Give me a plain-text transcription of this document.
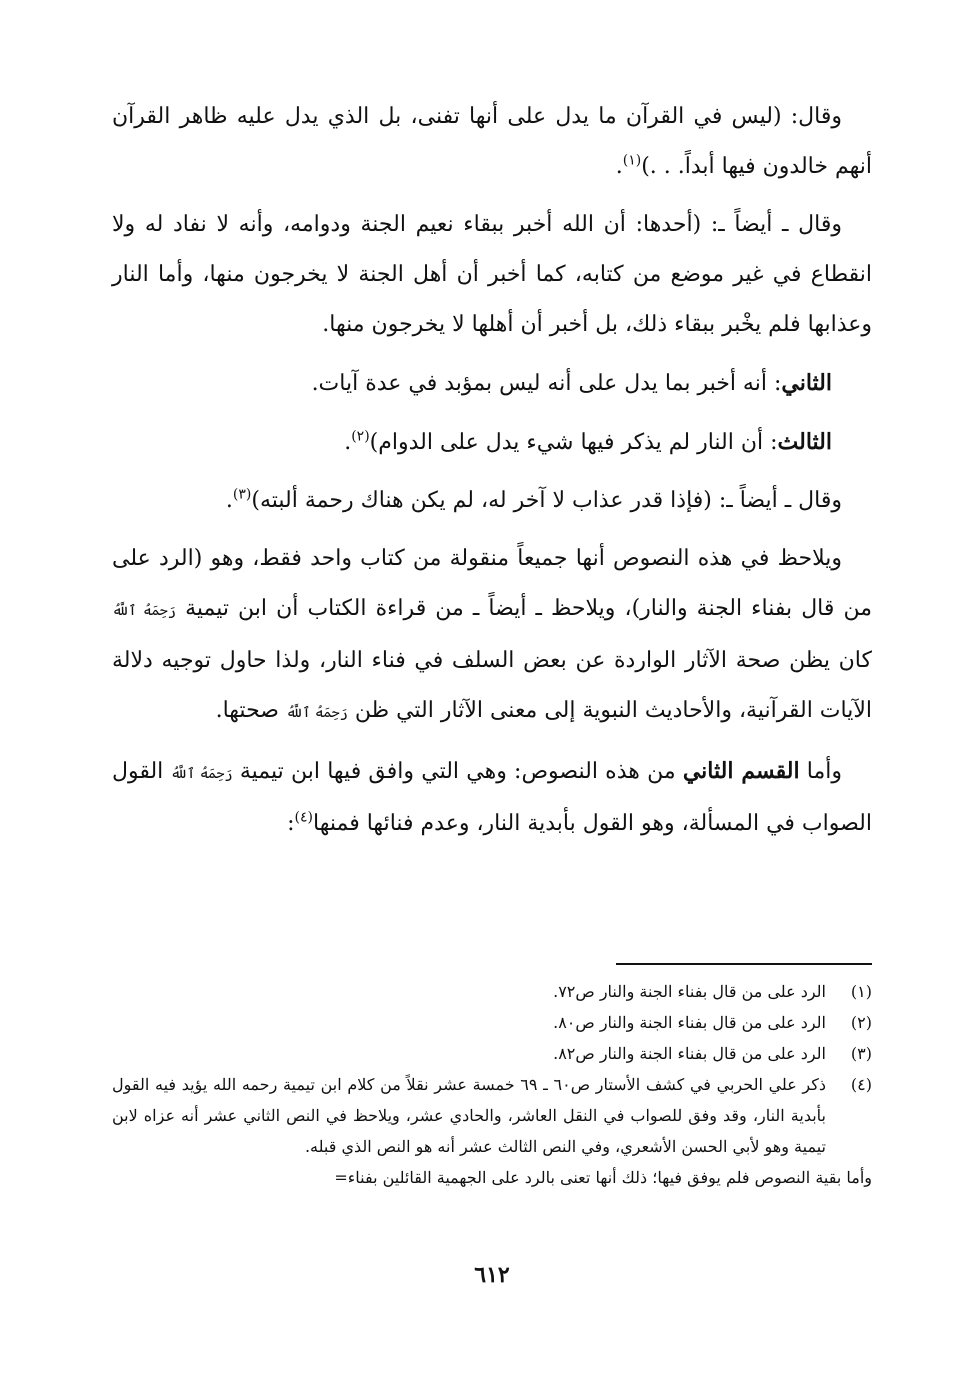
وقال: (ليس في القرآن ما يدل على أنها تفنى، بل الذي يدل عليه ظاهر القرآن أنهم خالدون فيها أبداً. . .)$^{(١)}$.

وقال ـ أيضاً ـ: (أحدها: أن الله أخبر ببقاء نعيم الجنة ودوامه، وأنه لا نفاد له ولا انقطاع في غير موضع من كتابه، كما أخبر أن أهل الجنة لا يخرجون منها، وأما النار وعذابها فلم يخْبر ببقاء ذلك، بل أخبر أن أهلها لا يخرجون منها.

الثاني: أنه أخبر بما يدل على أنه ليس بمؤبد في عدة آيات.

الثالث: أن النار لم يذكر فيها شيء يدل على الدوام)$^{(٢)}$.

وقال ـ أيضاً ـ: (فإذا قدر عذاب لا آخر له، لم يكن هناك رحمة ألبته)$^{(٣)}$.

ويلاحظ في هذه النصوص أنها جميعاً منقولة من كتاب واحد فقط، وهو (الرد على من قال بفناء الجنة والنار)، ويلاحظ ـ أيضاً ـ من قراءة الكتاب أن ابن تيمية رَحِمَهُ ٱللَّهُ كان يظن صحة الآثار الواردة عن بعض السلف في فناء النار، ولذا حاول توجيه دلالة الآيات القرآنية، والأحاديث النبوية إلى معنى الآثار التي ظن رَحِمَهُ ٱللَّهُ صحتها.

وأما القسم الثاني من هذه النصوص: وهي التي وافق فيها ابن تيمية رَحِمَهُ ٱللَّهُ القول الصواب في المسألة، وهو القول بأبدية النار، وعدم فنائها فمنها$^{(٤)}$:

(١)
الرد على من قال بفناء الجنة والنار ص٧٢.
(٢)
الرد على من قال بفناء الجنة والنار ص٨٠.
(٣)
الرد على من قال بفناء الجنة والنار ص٨٢.
(٤)
ذكر علي الحربي في كشف الأستار ص٦٠ ـ ٦٩ خمسة عشر نقلاً من كلام ابن تيمية رحمه الله يؤيد فيه القول بأبدية النار، وقد وفق للصواب في النقل العاشر، والحادي عشر، ويلاحظ في النص الثاني عشر أنه عزاه لابن تيمية وهو لأبي الحسن الأشعري، وفي النص الثالث عشر أنه هو النص الذي قبله.
وأما بقية النصوص فلم يوفق فيها؛ ذلك أنها تعنى بالرد على الجهمية القائلين بفناء=
٦١٢
